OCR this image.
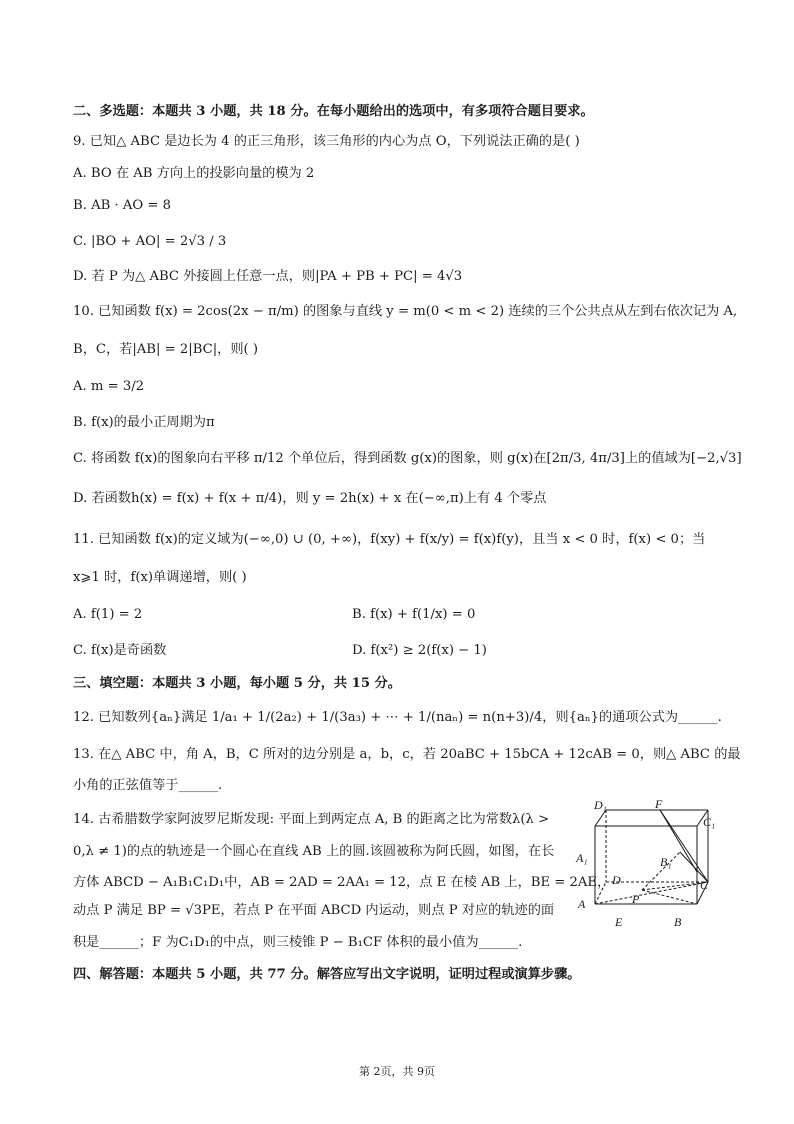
二、多选题：本题共 3 小题，共 18 分。在每小题给出的选项中，有多项符合题目要求。
9. 已知△ ABC 是边长为 4 的正三角形，该三角形的内心为点 O，下列说法正确的是( )
A. BO 在 AB 方向上的投影向量的模为 2
B. AB · AO = 8
C. |BO + AO| = 2√3 / 3
D. 若 P 为△ ABC 外接圆上任意一点，则|PA + PB + PC| = 4√3
10. 已知函数 f(x) = 2cos(2x − π/m) 的图象与直线 y = m(0 < m < 2) 连续的三个公共点从左到右依次记为 A,
B，C，若|AB| = 2|BC|，则( )
A. m = 3/2
B. f(x)的最小正周期为π
C. 将函数 f(x)的图象向右平移 π/12 个单位后，得到函数 g(x)的图象，则 g(x)在[2π/3, 4π/3]上的值域为[−2,√3]
D. 若函数h(x) = f(x) + f(x + π/4)，则 y = 2h(x) + x 在(−∞,π)上有 4 个零点
11. 已知函数 f(x)的定义域为(−∞,0) ∪ (0, +∞)，f(xy) + f(x/y) = f(x)f(y)，且当 x < 0 时，f(x) < 0；当
x⩾1 时，f(x)单调递增，则( )
A. f(1) = 2	B. f(x) + f(1/x) = 0
C. f(x)是奇函数	D. f(x²) ≥ 2(f(x) − 1)
三、填空题：本题共 3 小题，每小题 5 分，共 15 分。
12. 已知数列{aₙ}满足 1/a₁ + 1/(2a₂) + 1/(3a₃) + ⋯ + 1/(naₙ) = n(n+3)/4，则{aₙ}的通项公式为______.
13. 在△ ABC 中，角 A，B，C 所对的边分别是 a，b，c，若 20aBC + 15bCA + 12cAB = 0，则△ ABC 的最
小角的正弦值等于______.
14. 古希腊数学家阿波罗尼斯发现: 平面上到两定点 A, B 的距离之比为常数λ(λ >
0,λ ≠ 1)的点的轨迹是一个圆心在直线 AB 上的圆.该圆被称为阿氏圆，如图，在长
方体 ABCD − A₁B₁C₁D₁中，AB = 2AD = 2AA₁ = 12，点 E 在棱 AB 上，BE = 2AE，
动点 P 满足 BP = √3PE，若点 P 在平面 ABCD 内运动，则点 P 对应的轨迹的面
积是______；F 为C₁D₁的中点，则三棱锥 P − B₁CF 体积的最小值为______.
D₁	F
C₁
A₁	B₁
D	C
P
A
E	B
四、解答题：本题共 5 小题，共 77 分。解答应写出文字说明，证明过程或演算步骤。
第 2页，共 9页
